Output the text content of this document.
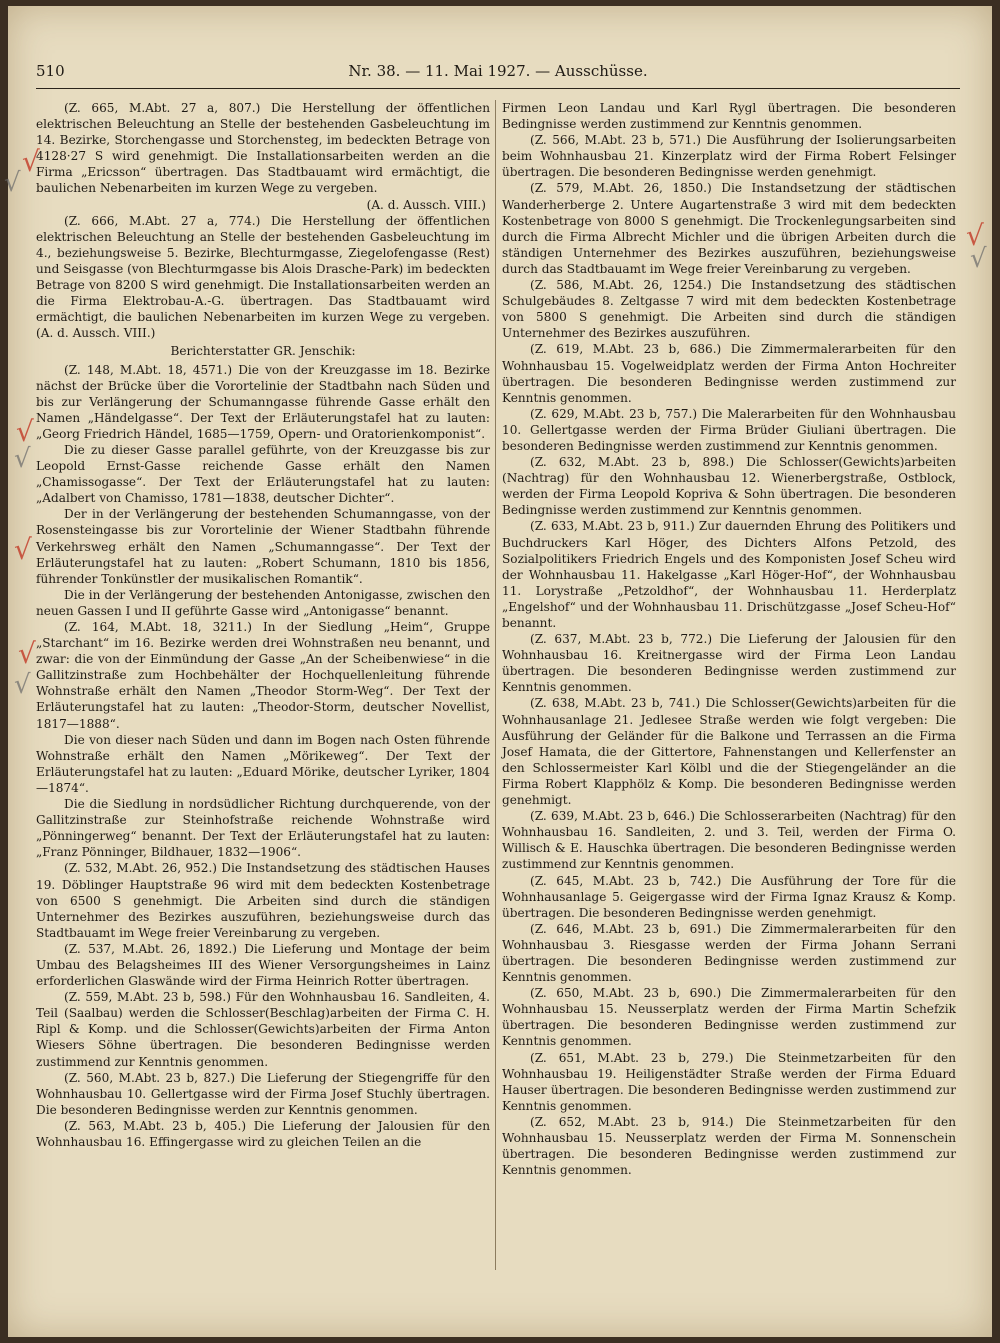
510	Nr. 38. — 11. Mai 1927. — Ausschüsse.

(Z. 665, M.Abt. 27 a, 807.) Die Herstellung der öffentlichen elektrischen Beleuchtung an Stelle der bestehenden Gasbeleuchtung im 14. Bezirke, Storchengasse und Storchensteg, im bedeckten Betrage von 4128·27 S wird genehmigt. Die Installationsarbeiten werden an die Firma „Ericsson“ übertragen. Das Stadtbauamt wird ermächtigt, die baulichen Nebenarbeiten im kurzen Wege zu vergeben.

(A. d. Aussch. VIII.)

(Z. 666, M.Abt. 27 a, 774.) Die Herstellung der öffentlichen elektrischen Beleuchtung an Stelle der bestehenden Gasbeleuchtung im 4., beziehungsweise 5. Bezirke, Blechturmgasse, Ziegelofengasse (Rest) und Seisgasse (von Blechturmgasse bis Alois Drasche-Park) im bedeckten Betrage von 8200 S wird genehmigt. Die Installationsarbeiten werden an die Firma Elektrobau-A.-G. übertragen. Das Stadtbauamt wird ermächtigt, die baulichen Nebenarbeiten im kurzen Wege zu vergeben. (A. d. Aussch. VIII.)

Berichterstatter GR. Jenschik:

(Z. 148, M.Abt. 18, 4571.) Die von der Kreuzgasse im 18. Bezirke nächst der Brücke über die Vorortelinie der Stadtbahn nach Süden und bis zur Verlängerung der Schumanngasse führende Gasse erhält den Namen „Händelgasse“. Der Text der Erläuterungstafel hat zu lauten: „Georg Friedrich Händel, 1685—1759, Opern- und Oratorienkomponist“.

Die zu dieser Gasse parallel geführte, von der Kreuzgasse bis zur Leopold Ernst-Gasse reichende Gasse erhält den Namen „Chamissogasse“. Der Text der Erläuterungstafel hat zu lauten: „Adalbert von Chamisso, 1781—1838, deutscher Dichter“.

Der in der Verlängerung der bestehenden Schumanngasse, von der Rosensteingasse bis zur Vorortelinie der Wiener Stadtbahn führende Verkehrsweg erhält den Namen „Schumanngasse“. Der Text der Erläuterungstafel hat zu lauten: „Robert Schumann, 1810 bis 1856, führender Tonkünstler der musikalischen Romantik“.

Die in der Verlängerung der bestehenden Antonigasse, zwischen den neuen Gassen I und II geführte Gasse wird „Antonigasse“ benannt.

(Z. 164, M.Abt. 18, 3211.) In der Siedlung „Heim“, Gruppe „Starchant“ im 16. Bezirke werden drei Wohnstraßen neu benannt, und zwar: die von der Einmündung der Gasse „An der Scheibenwiese“ in die Gallitzinstraße zum Hochbehälter der Hochquellenleitung führende Wohnstraße erhält den Namen „Theodor Storm-Weg“. Der Text der Erläuterungstafel hat zu lauten: „Theodor-Storm, deutscher Novellist, 1817—1888“.

Die von dieser nach Süden und dann im Bogen nach Osten führende Wohnstraße erhält den Namen „Mörikeweg“. Der Text der Erläuterungstafel hat zu lauten: „Eduard Mörike, deutscher Lyriker, 1804—1874“.

Die die Siedlung in nordsüdlicher Richtung durchquerende, von der Gallitzinstraße zur Steinhofstraße reichende Wohnstraße wird „Pönningerweg“ benannt. Der Text der Erläuterungstafel hat zu lauten: „Franz Pönninger, Bildhauer, 1832—1906“.

(Z. 532, M.Abt. 26, 952.) Die Instandsetzung des städtischen Hauses 19. Döblinger Hauptstraße 96 wird mit dem bedeckten Kostenbetrage von 6500 S genehmigt. Die Arbeiten sind durch die ständigen Unternehmer des Bezirkes auszuführen, beziehungsweise durch das Stadtbauamt im Wege freier Vereinbarung zu vergeben.

(Z. 537, M.Abt. 26, 1892.) Die Lieferung und Montage der beim Umbau des Belagsheimes III des Wiener Versorgungsheimes in Lainz erforderlichen Glaswände wird der Firma Heinrich Rotter übertragen.

(Z. 559, M.Abt. 23 b, 598.) Für den Wohnhausbau 16. Sandleiten, 4. Teil (Saalbau) werden die Schlosser(Beschlag)arbeiten der Firma C. H. Ripl & Komp. und die Schlosser(Gewichts)arbeiten der Firma Anton Wiesers Söhne übertragen. Die besonderen Bedingnisse werden zustimmend zur Kenntnis genommen.

(Z. 560, M.Abt. 23 b, 827.) Die Lieferung der Stiegengriffe für den Wohnhausbau 10. Gellertgasse wird der Firma Josef Stuchly übertragen. Die besonderen Bedingnisse werden zur Kenntnis genommen.

(Z. 563, M.Abt. 23 b, 405.) Die Lieferung der Jalousien für den Wohnhausbau 16. Effingergasse wird zu gleichen Teilen an die

Firmen Leon Landau und Karl Rygl übertragen. Die besonderen Bedingnisse werden zustimmend zur Kenntnis genommen.

(Z. 566, M.Abt. 23 b, 571.) Die Ausführung der Isolierungsarbeiten beim Wohnhausbau 21. Kinzerplatz wird der Firma Robert Felsinger übertragen. Die besonderen Bedingnisse werden genehmigt.

(Z. 579, M.Abt. 26, 1850.) Die Instandsetzung der städtischen Wanderherberge 2. Untere Augartenstraße 3 wird mit dem bedeckten Kostenbetrage von 8000 S genehmigt. Die Trockenlegungsarbeiten sind durch die Firma Albrecht Michler und die übrigen Arbeiten durch die ständigen Unternehmer des Bezirkes auszuführen, beziehungsweise durch das Stadtbauamt im Wege freier Vereinbarung zu vergeben.

(Z. 586, M.Abt. 26, 1254.) Die Instandsetzung des städtischen Schulgebäudes 8. Zeltgasse 7 wird mit dem bedeckten Kostenbetrage von 5800 S genehmigt. Die Arbeiten sind durch die ständigen Unternehmer des Bezirkes auszuführen.

(Z. 619, M.Abt. 23 b, 686.) Die Zimmermalerarbeiten für den Wohnhausbau 15. Vogelweidplatz werden der Firma Anton Hochreiter übertragen. Die besonderen Bedingnisse werden zustimmend zur Kenntnis genommen.

(Z. 629, M.Abt. 23 b, 757.) Die Malerarbeiten für den Wohnhausbau 10. Gellertgasse werden der Firma Brüder Giuliani übertragen. Die besonderen Bedingnisse werden zustimmend zur Kenntnis genommen.

(Z. 632, M.Abt. 23 b, 898.) Die Schlosser(Gewichts)arbeiten (Nachtrag) für den Wohnhausbau 12. Wienerbergstraße, Ostblock, werden der Firma Leopold Kopriva & Sohn übertragen. Die besonderen Bedingnisse werden zustimmend zur Kenntnis genommen.

(Z. 633, M.Abt. 23 b, 911.) Zur dauernden Ehrung des Politikers und Buchdruckers Karl Höger, des Dichters Alfons Petzold, des Sozialpolitikers Friedrich Engels und des Komponisten Josef Scheu wird der Wohnhausbau 11. Hakelgasse „Karl Höger-Hof“, der Wohnhausbau 11. Lorystraße „Petzoldhof“, der Wohnhausbau 11. Herderplatz „Engelshof“ und der Wohnhausbau 11. Drischützgasse „Josef Scheu-Hof“ benannt.

(Z. 637, M.Abt. 23 b, 772.) Die Lieferung der Jalousien für den Wohnhausbau 16. Kreitnergasse wird der Firma Leon Landau übertragen. Die besonderen Bedingnisse werden zustimmend zur Kenntnis genommen.

(Z. 638, M.Abt. 23 b, 741.) Die Schlosser(Gewichts)arbeiten für die Wohnhausanlage 21. Jedlesee Straße werden wie folgt vergeben: Die Ausführung der Geländer für die Balkone und Terrassen an die Firma Josef Hamata, die der Gittertore, Fahnenstangen und Kellerfenster an den Schlossermeister Karl Kölbl und die der Stiegengeländer an die Firma Robert Klapphölz & Komp. Die besonderen Bedingnisse werden genehmigt.

(Z. 639, M.Abt. 23 b, 646.) Die Schlosserarbeiten (Nachtrag) für den Wohnhausbau 16. Sandleiten, 2. und 3. Teil, werden der Firma O. Willisch & E. Hauschka übertragen. Die besonderen Bedingnisse werden zustimmend zur Kenntnis genommen.

(Z. 645, M.Abt. 23 b, 742.) Die Ausführung der Tore für die Wohnhausanlage 5. Geigergasse wird der Firma Ignaz Krausz & Komp. übertragen. Die besonderen Bedingnisse werden genehmigt.

(Z. 646, M.Abt. 23 b, 691.) Die Zimmermalerarbeiten für den Wohnhausbau 3. Riesgasse werden der Firma Johann Serrani übertragen. Die besonderen Bedingnisse werden zustimmend zur Kenntnis genommen.

(Z. 650, M.Abt. 23 b, 690.) Die Zimmermalerarbeiten für den Wohnhausbau 15. Neusserplatz werden der Firma Martin Schefzik übertragen. Die besonderen Bedingnisse werden zustimmend zur Kenntnis genommen.

(Z. 651, M.Abt. 23 b, 279.) Die Steinmetzarbeiten für den Wohnhausbau 19. Heiligenstädter Straße werden der Firma Eduard Hauser übertragen. Die besonderen Bedingnisse werden zustimmend zur Kenntnis genommen.

(Z. 652, M.Abt. 23 b, 914.) Die Steinmetzarbeiten für den Wohnhausbau 15. Neusserplatz werden der Firma M. Sonnenschein übertragen. Die besonderen Bedingnisse werden zustimmend zur Kenntnis genommen.

√
√
√
√
√
√
√
√
√
